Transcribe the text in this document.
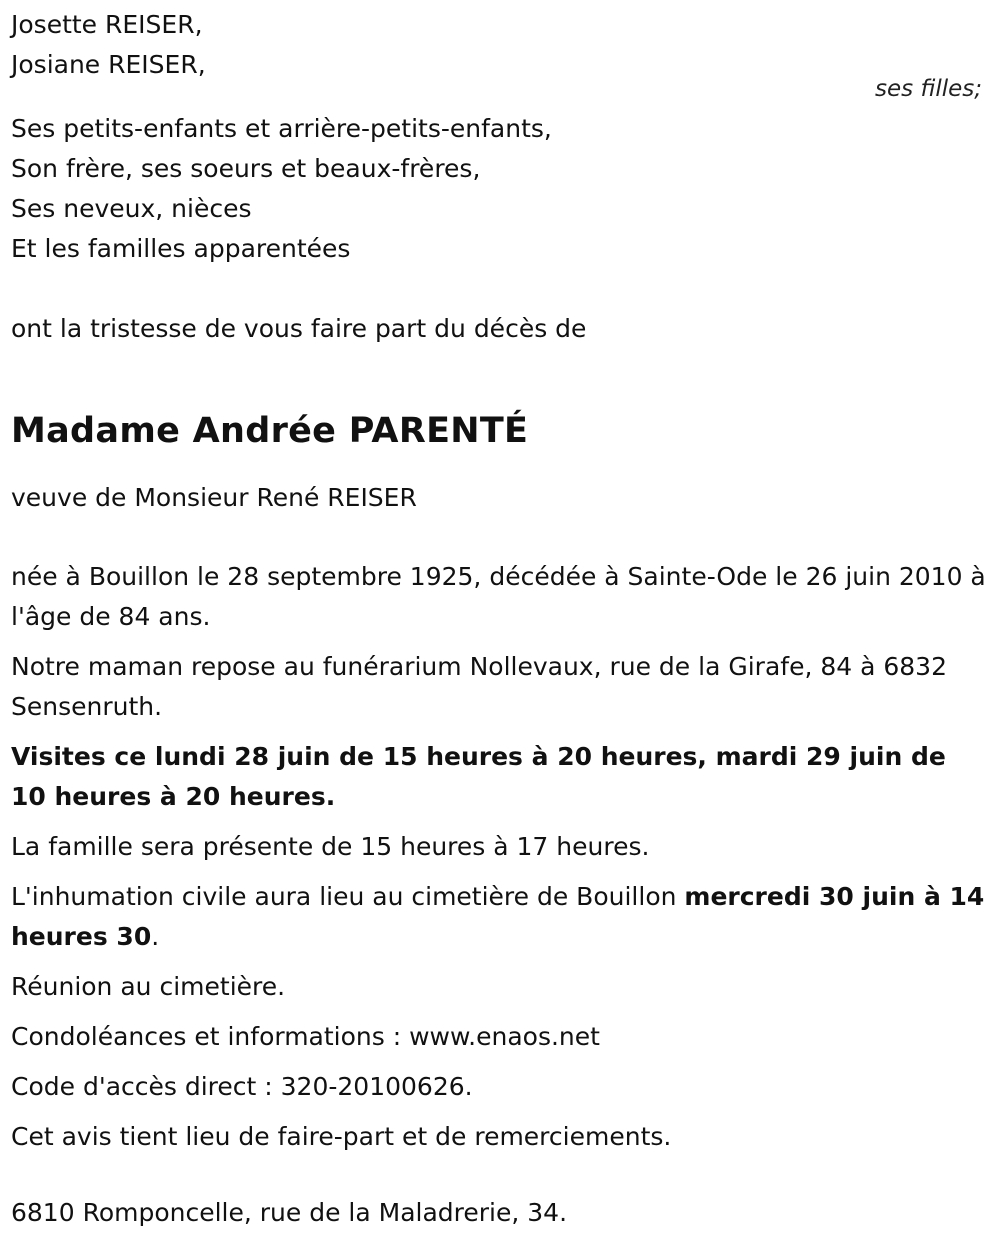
Josette REISER,

Josiane REISER,

ses filles;

Ses petits-enfants et arrière-petits-enfants,

Son frère, ses soeurs et beaux-frères,

Ses neveux, nièces

Et les familles apparentées

ont la tristesse de vous faire part du décès de

Madame Andrée PARENTÉ

veuve de Monsieur René REISER

née à Bouillon le 28 septembre 1925, décédée à Sainte-Ode le 26 juin 2010 à l'âge de 84 ans.

Notre maman repose au funérarium Nollevaux, rue de la Girafe, 84 à 6832 Sensenruth.

Visites ce lundi 28 juin de 15 heures à 20 heures, mardi 29 juin de 10 heures à 20 heures.

La famille sera présente de 15 heures à 17 heures.

L'inhumation civile aura lieu au cimetière de Bouillon mercredi 30 juin à 14 heures 30.

Réunion au cimetière.

Condoléances et informations : www.enaos.net

Code d'accès direct : 320-20100626.

Cet avis tient lieu de faire-part et de remerciements.

6810 Romponcelle, rue de la Maladrerie, 34.
